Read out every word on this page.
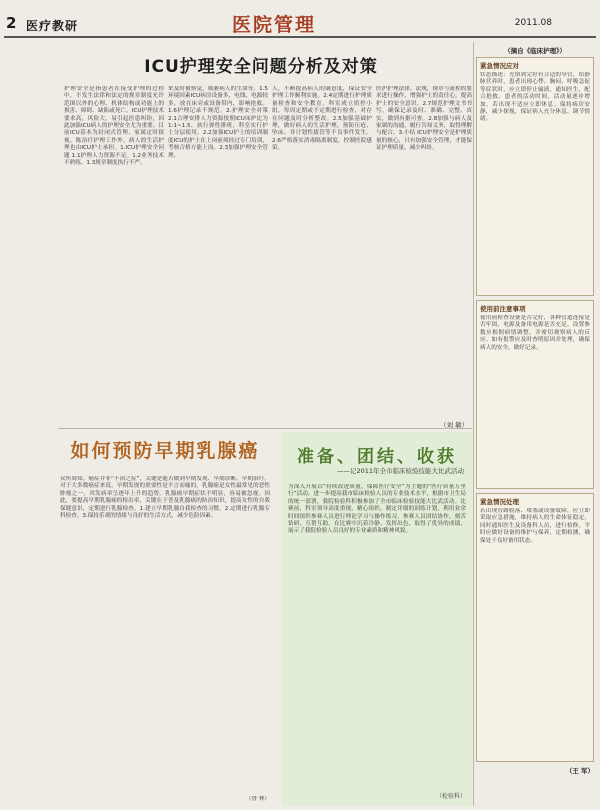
2 医疗教研	医院管理	2011.08
ICU护理安全问题分析及对策
护理安全是指患者在接受护理的过程中，不发生法律和法定的规章制度允许范围以外的心理、机体结构或功能上的损害、障碍、缺陷或死亡。ICU护理技术要求高，风险大，易引起医患纠纷，因此加强ICU病人的护理安全尤为重要。目前ICU基本为封闭式管理，家属定时探视，陈治疗护理工作外，病人的生活护理也由ICU护士承担。1.ICU护理安全问题 1.1护理人力资源不足。1.2业务技术不熟练。1.3规章制度执行不严。
来及时被察觉，威胁病人的生命等。1.5环境因素ICU病房设备多，电线、电源较多，放在床旁或设备带内，影响抢救。1.6护理记录不规范。2.护理安全对策 2.1合理安排人力资源按照ICU床护比为1:1~1.5，执行弹性排班，科室实行护士分层使用。2.2加强ICU护士的培训制度ICU的护士在上岗前须经过专门培训，考核合格方能上岗。2.3加强护理安全管理。
人，不断提高病人的满意度，保证安全护理工作顺利实施。2.4定期进行护理质量检查和安全教育，科室成立质控小组，每周定期或不定期进行检查，对存在问题及时分析整改。2.5加强基础护理，做好病人的生活护理，预防压疮、坠床、非计划性拔管等不良事件发生。2.6严格落实消毒隔离制度，控制医院感染。
医护护理法律、法规，规章与流程的要求进行操作，增强护士的责任心，提高护士的安全意识。2.7规范护理文书书写，确保记录及时、准确、完整、真实，做到有据可查。2.8加强与病人及家属的沟通，履行告知义务，取得理解与配合。3.小结 ICU护理安全是护理质量的核心，只有加强安全管理，才能保证护理质量，减少纠纷。
（刘 敏）
（摘自《临床护理》）
紧急情况应对
状态描述：充填到完好有合适的导管，给静脉营养时，患者出现心悸、胸闷、呼吸急促等症状时，应立即停止输液，通知医生，配合抢救。患者的活动时间，活动量逐步增加，若出现不适应立即休息。保持病房安静，减少探视，保证病人充分休息，调节情绪。
使用前注意事项
使用前检查设备是否完好，各种管道连接是否牢固，电源及备用电源是否充足。设置参数应根据病情调整，并密切观察病人的反应。如有报警应及时查明原因并处理，确保病人的安全，做好记录。
紧急情况处理
若出现管路脱落、堵塞或设备故障，应立即采取应急措施，维持病人的生命体征稳定，同时通知医生及设备科人员，进行检修。平时应做好设备的维护与保养，定期检测，确保处于良好备用状态。
（王 军）
如何预防早期乳腺癌
众所周知，癌症并非“不治之症”，关键是能否做到早期发现、早期诊断、早期治疗。对于大多数癌症来说，早期发现的重要性是不言而喻的。乳腺癌是女性最常见的恶性肿瘤之一，其发病率呈逐年上升的趋势。乳腺癌早期症状不明显，容易被忽视。因此，要提高早期乳腺癌的检出率，关键在于普及乳腺癌的防治知识，提高女性的自我保健意识，定期进行乳腺检查。1.建立早期乳腺自我检查的习惯。2.定期进行乳腺专科检查。3.保持乐观的情绪与良好的生活方式，减少危险因素。
（鲁 林）
准备、团结、收获
——记2011年全市临床检验技能大比武活动
为深入开展以“持续改进质量，保障医疗安全”为主题的“医疗质量万里行”活动，进一步提高我市临床检验人员的专业技术水平，根据市卫生局的统一部署，我院检验科积极参加了全市临床检验技能大比武活动。比赛前，科室领导高度重视，精心组织，制定详细的训练计划，利用业余时间组织参赛人员进行理论学习与操作练习。参赛人员团结协作、刻苦钻研、互帮互助，在比赛中沉着冷静、发挥出色，取得了优异的成绩，展示了我院检验人员良好的专业素质和精神风貌。
（检验科）
